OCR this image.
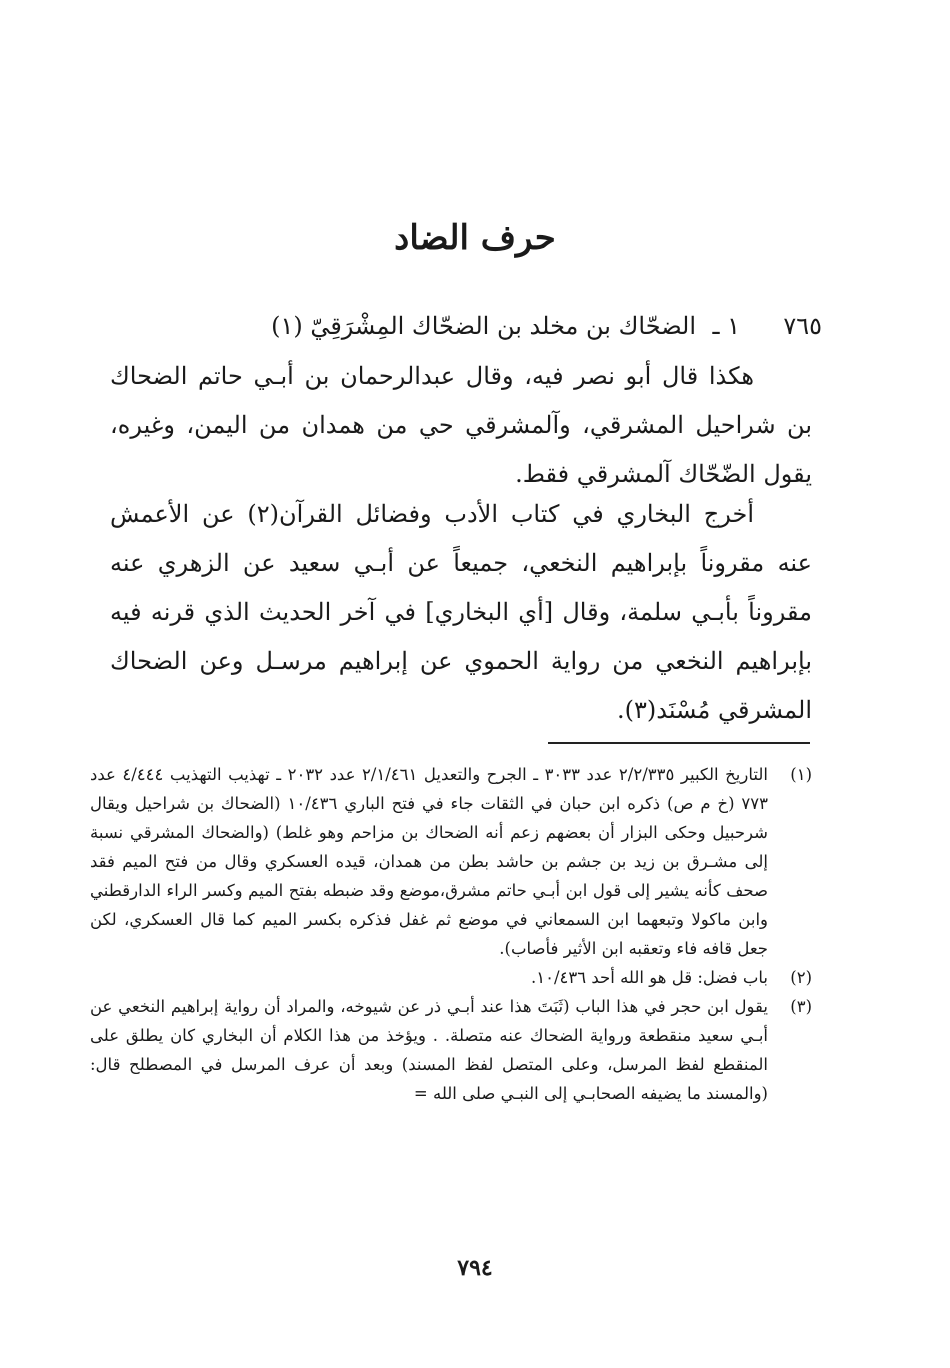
حرف الضاد
٧٦٥
١ ـ
الضحّاك بن مخلد بن الضحّاك المِشْرَقِيّ (١)

هكذا قال أبو نصر فيه، وقال عبدالرحمان بن أبـي حاتم الضحاك بن شراحيل المشرقي، وآلمشرقي حي من همدان من اليمن، وغيره، يقول الضّحّاك آلمشرقي فقط.

أخرج البخاري في كتاب الأدب وفضائل القرآن(٢) عن الأعمش عنه مقروناً بإبراهيم النخعي، جميعاً عن أبـي سعيد عن الزهري عنه مقروناً بأبـي سلمة، وقال [أي البخاري] في آخر الحديث الذي قرنه فيه بإبراهيم النخعي من رواية الحموي عن إبراهيم مرسـل وعن الضحاك المشرقي مُسْنَد(٣).

(١)
التاريخ الكبير ٢/٢/٣٣٥ عدد ٣٠٣٣ ـ الجرح والتعديل ٢/١/٤٦١ عدد ٢٠٣٢ ـ تهذيب التهذيب ٤/٤٤٤ عدد ٧٧٣ (خ م ص) ذكره ابن حبان في الثقات جاء في فتح الباري ١٠/٤٣٦ (الضحاك بن شراحيل ويقال شرحبيل وحكى البزار أن بعضهم زعم أنه الضحاك بن مزاحم وهو غلط) (والضحاك المشرقي نسبة إلى مشـرق بن زيد بن جشم بن حاشد بطن من همدان، قيده العسكري وقال من فتح الميم فقد صحف كأنه يشير إلى قول ابن أبـي حاتم مشرق،موضع وقد ضبطه بفتح الميم وكسر الراء الدارقطني وابن ماكولا وتبعهما ابن السمعاني في موضع ثم غفل فذكره بكسر الميم كما قال العسكري، لكن جعل قافه فاء وتعقبه ابن الأثير فأصاب).

(٢)
باب فضل: قل هو الله أحد ١٠/٤٣٦.

(٣)
يقول ابن حجر في هذا الباب (ثَبَتَ هذا عند أبـي ذر عن شيوخه، والمراد أن رواية إبراهيم النخعي عن أبـي سعيد منقطعة ورواية الضحاك عنه متصلة. . ويؤخذ من هذا الكلام أن البخاري كان يطلق على المنقطع لفظ المرسل، وعلى المتصل لفظ المسند) وبعد أن عرف المرسل في المصطلح قال: (والمسند ما يضيفه الصحابـي إلى النبـي صلى الله =

٧٩٤
